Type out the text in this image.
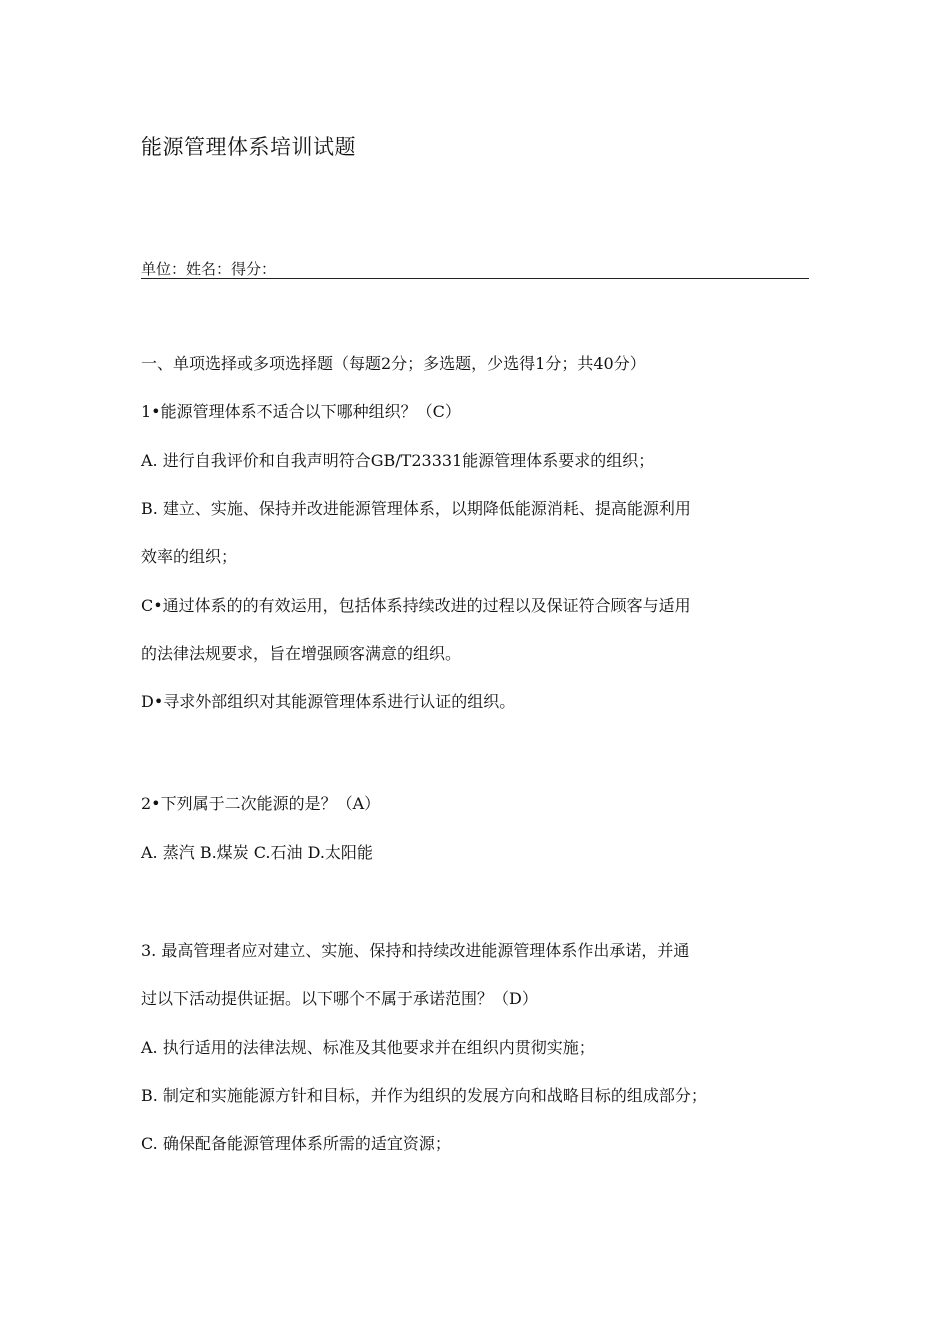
能源管理体系培训试题
单位：姓名：得分：
一、单项选择或多项选择题（每题2分；多选题，少选得1分；共40分）
1•能源管理体系不适合以下哪种组织？（C）
A. 进行自我评价和自我声明符合GB/T23331能源管理体系要求的组织；
B. 建立、实施、保持并改进能源管理体系，以期降低能源消耗、提高能源利用
效率的组织；
C•通过体系的的有效运用，包括体系持续改进的过程以及保证符合顾客与适用
的法律法规要求，旨在增强顾客满意的组织。
D•寻求外部组织对其能源管理体系进行认证的组织。
2•下列属于二次能源的是？（A）
A. 蒸汽 B.煤炭 C.石油 D.太阳能
3. 最高管理者应对建立、实施、保持和持续改进能源管理体系作出承诺，并通
过以下活动提供证据。以下哪个不属于承诺范围？（D）
A. 执行适用的法律法规、标准及其他要求并在组织内贯彻实施；
B. 制定和实施能源方针和目标，并作为组织的发展方向和战略目标的组成部分；
C. 确保配备能源管理体系所需的适宜资源；
